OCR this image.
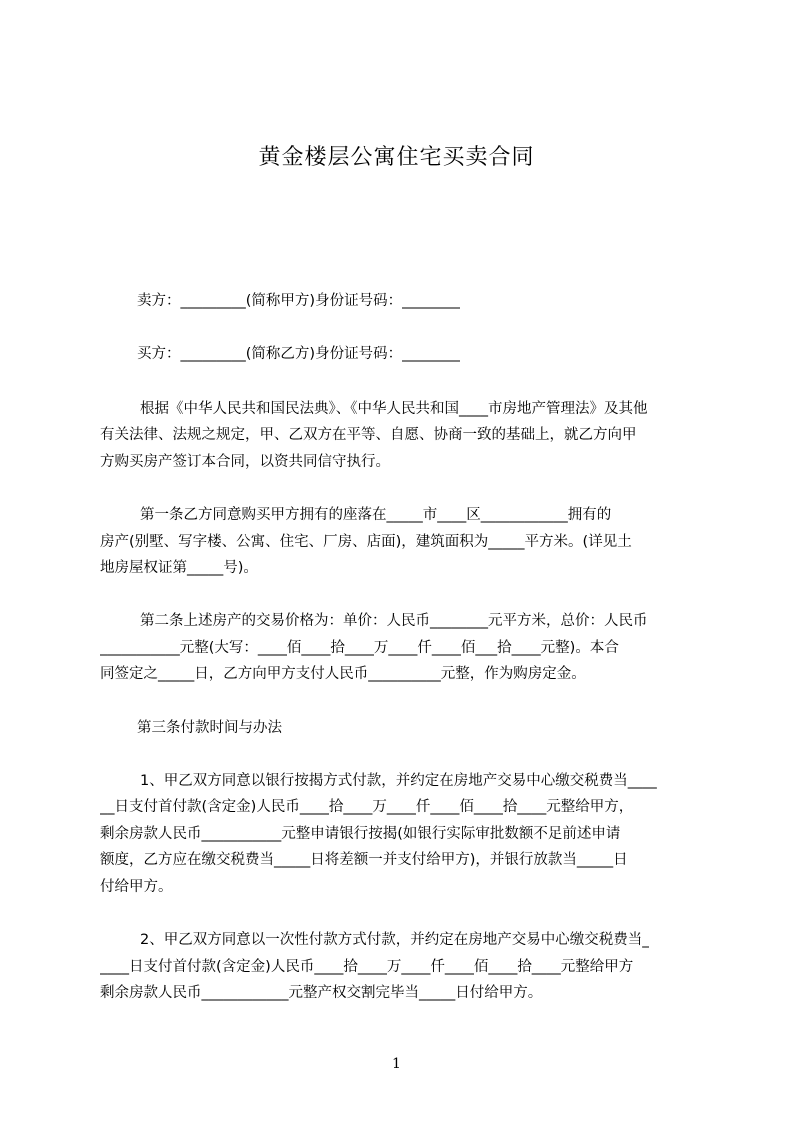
黄金楼层公寓住宅买卖合同
卖方：_________(简称甲方)身份证号码：________
买方：_________(简称乙方)身份证号码：________
根据《中华人民共和国民法典》、《中华人民共和国____市房地产管理法》及其他
有关法律、法规之规定，甲、乙双方在平等、自愿、协商一致的基础上，就乙方向甲
方购买房产签订本合同，以资共同信守执行。
第一条乙方同意购买甲方拥有的座落在_____市____区____________拥有的
房产(别墅、写字楼、公寓、住宅、厂房、店面)，建筑面积为_____平方米。(详见土
地房屋权证第_____号)。
第二条上述房产的交易价格为：单价：人民币________元平方米，总价：人民币
___________元整(大写：____佰____拾____万____仟____佰___拾____元整)。本合
同签定之_____日，乙方向甲方支付人民币__________元整，作为购房定金。
第三条付款时间与办法
1、甲乙双方同意以银行按揭方式付款，并约定在房地产交易中心缴交税费当____
__日支付首付款(含定金)人民币____拾____万____仟____佰____拾____元整给甲方，
剩余房款人民币___________元整申请银行按揭(如银行实际审批数额不足前述申请
额度，乙方应在缴交税费当_____日将差额一并支付给甲方)，并银行放款当_____日
付给甲方。
2、甲乙双方同意以一次性付款方式付款，并约定在房地产交易中心缴交税费当_
____日支付首付款(含定金)人民币____拾____万____仟____佰____拾____元整给甲方
剩余房款人民币____________元整产权交割完毕当_____日付给甲方。
1
